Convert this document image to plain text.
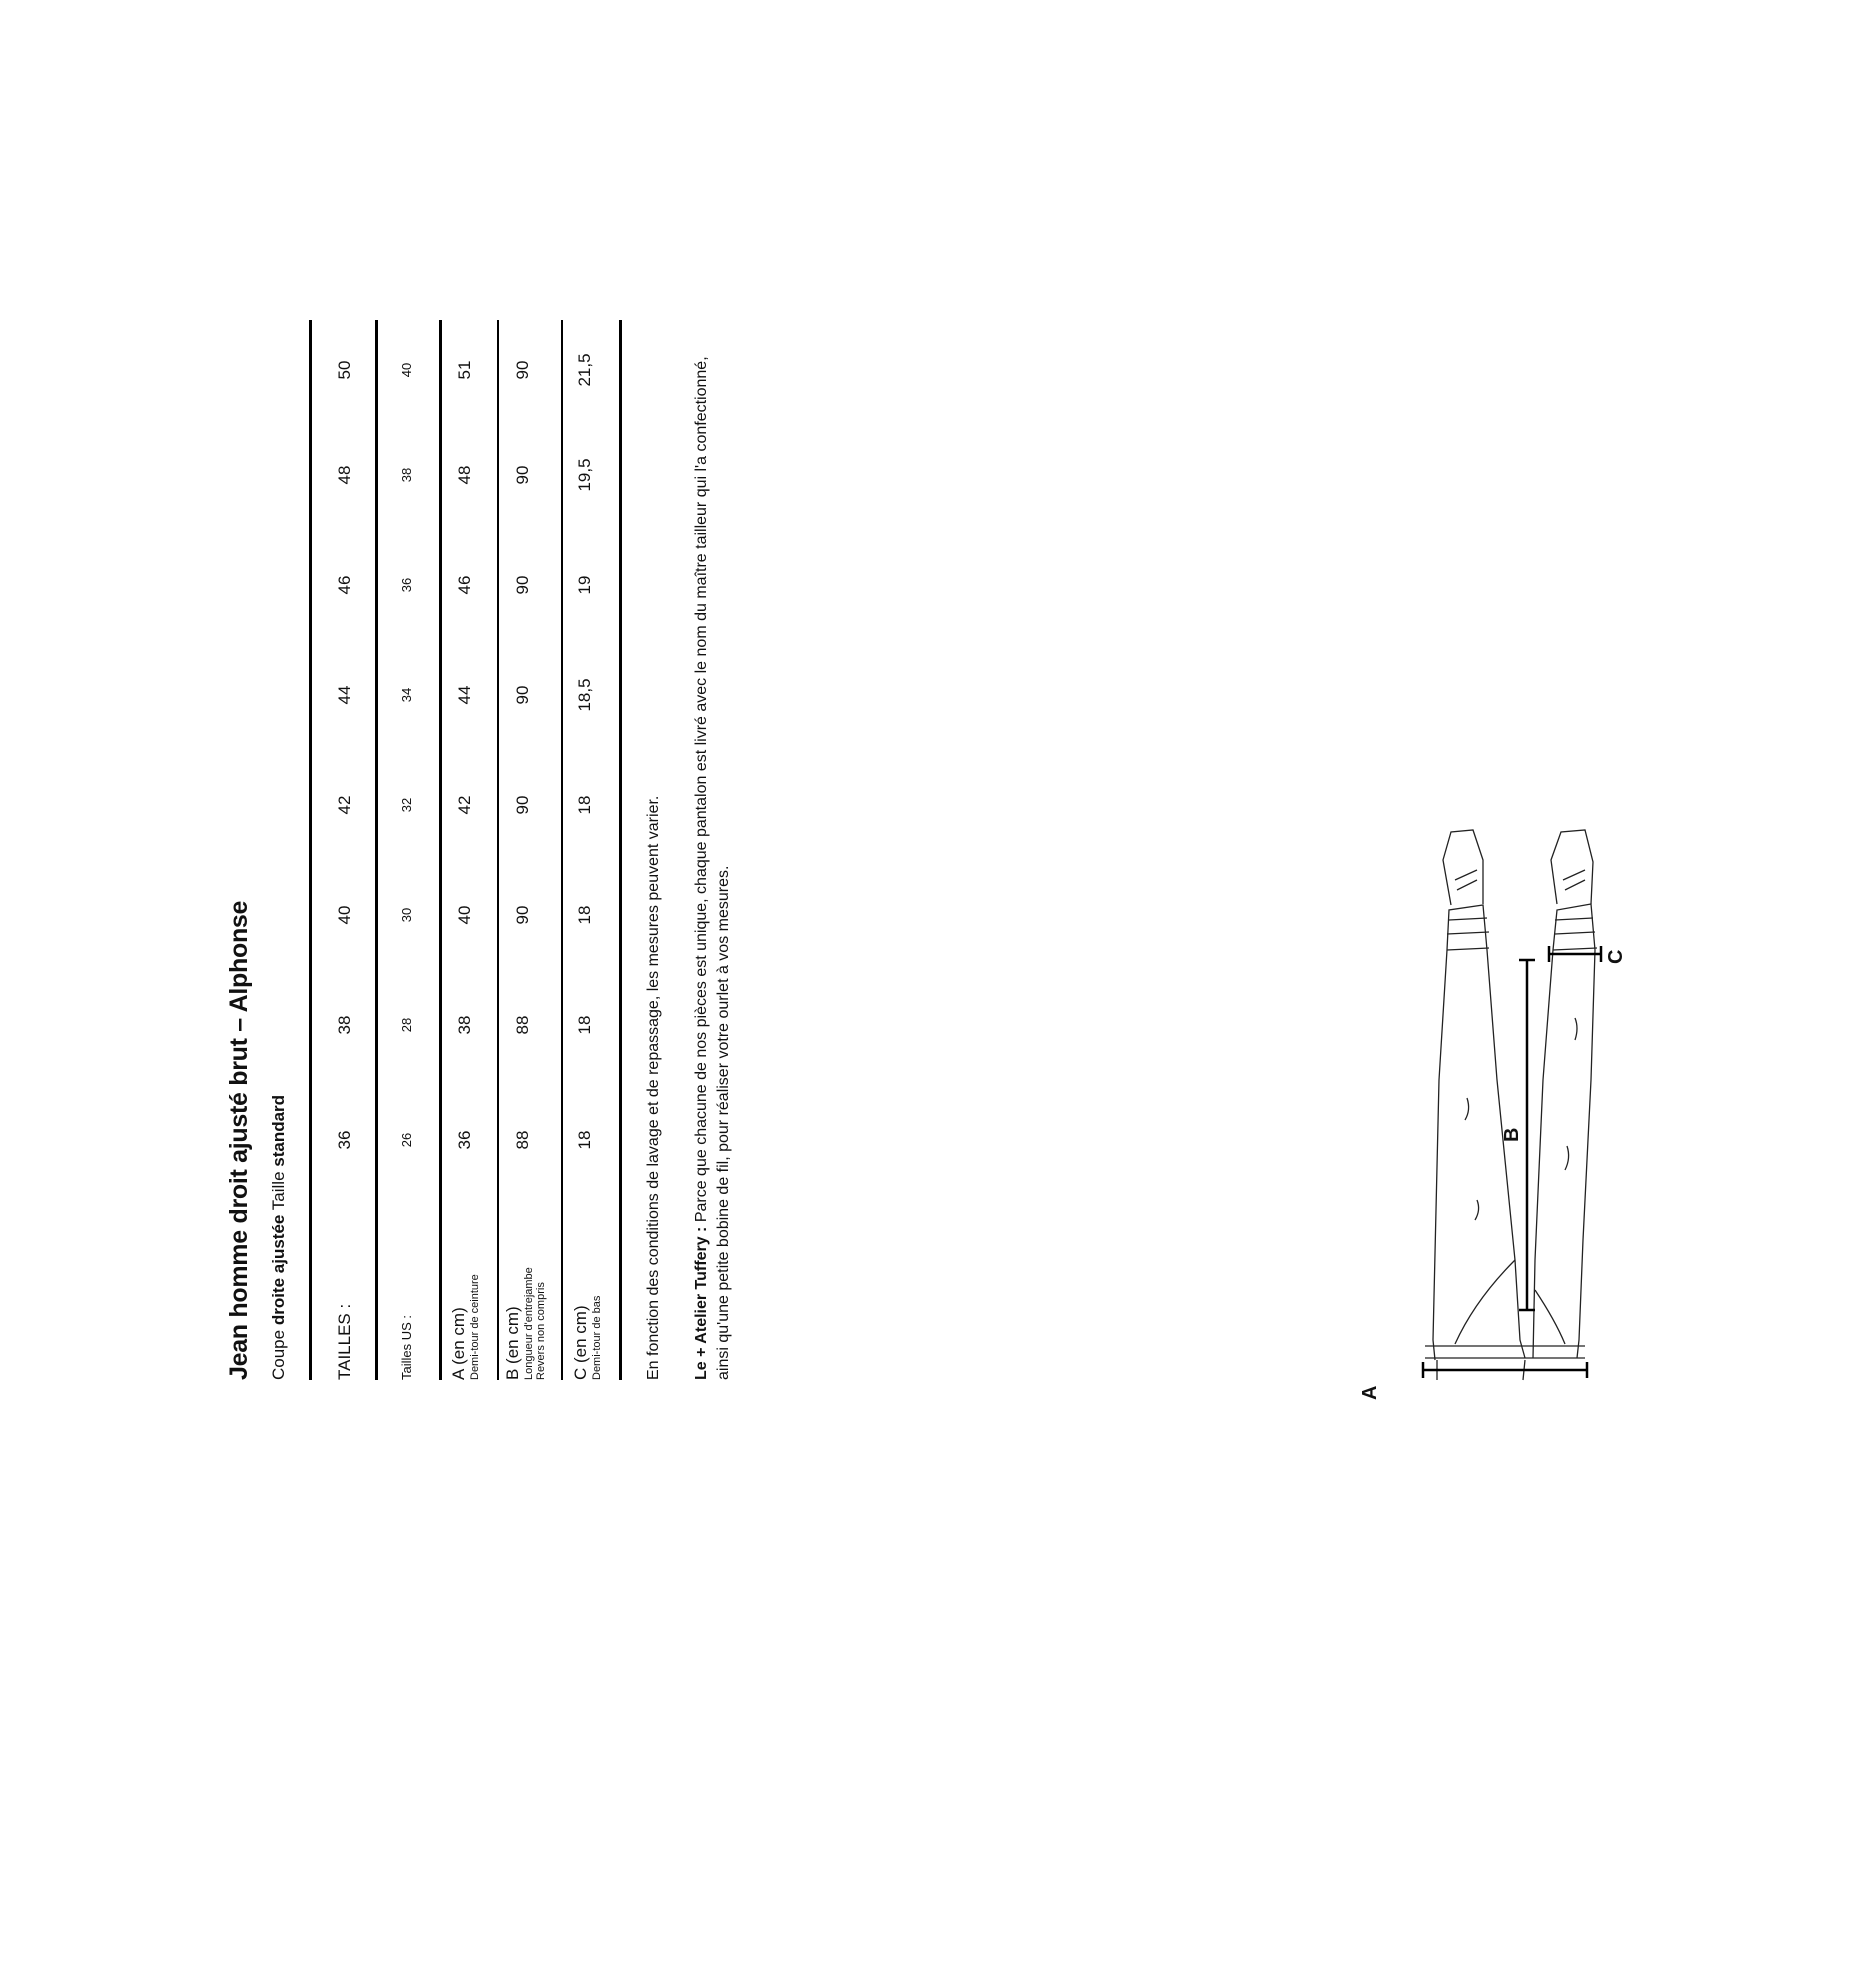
Jean homme droit ajusté brut – Alphonse Coupe droite ajustée Taille standard
TAILLES :
36
38
40
42
44
46
48
50
Tailles US :
26
28
30
32
34
36
38
40
A (en cm) Demi-tour de ceinture
36
38
40
42
44
46
48
51
B (en cm) Longueur d'entrejambe Revers non compris
88
88
90
90
90
90
90
90
C (en cm) Demi-tour de bas
18
18
18
18
18,5
19
19,5
21,5
En fonction des conditions de lavage et de repassage, les mesures peuvent varier. Le + Atelier Tuffery : Parce que chacune de nos pièces est unique, chaque pantalon est livré avec le nom du maître tailleur qui l'a confectionné, ainsi qu'une petite bobine de fil, pour réaliser votre ourlet à vos mesures.
A
B
C
